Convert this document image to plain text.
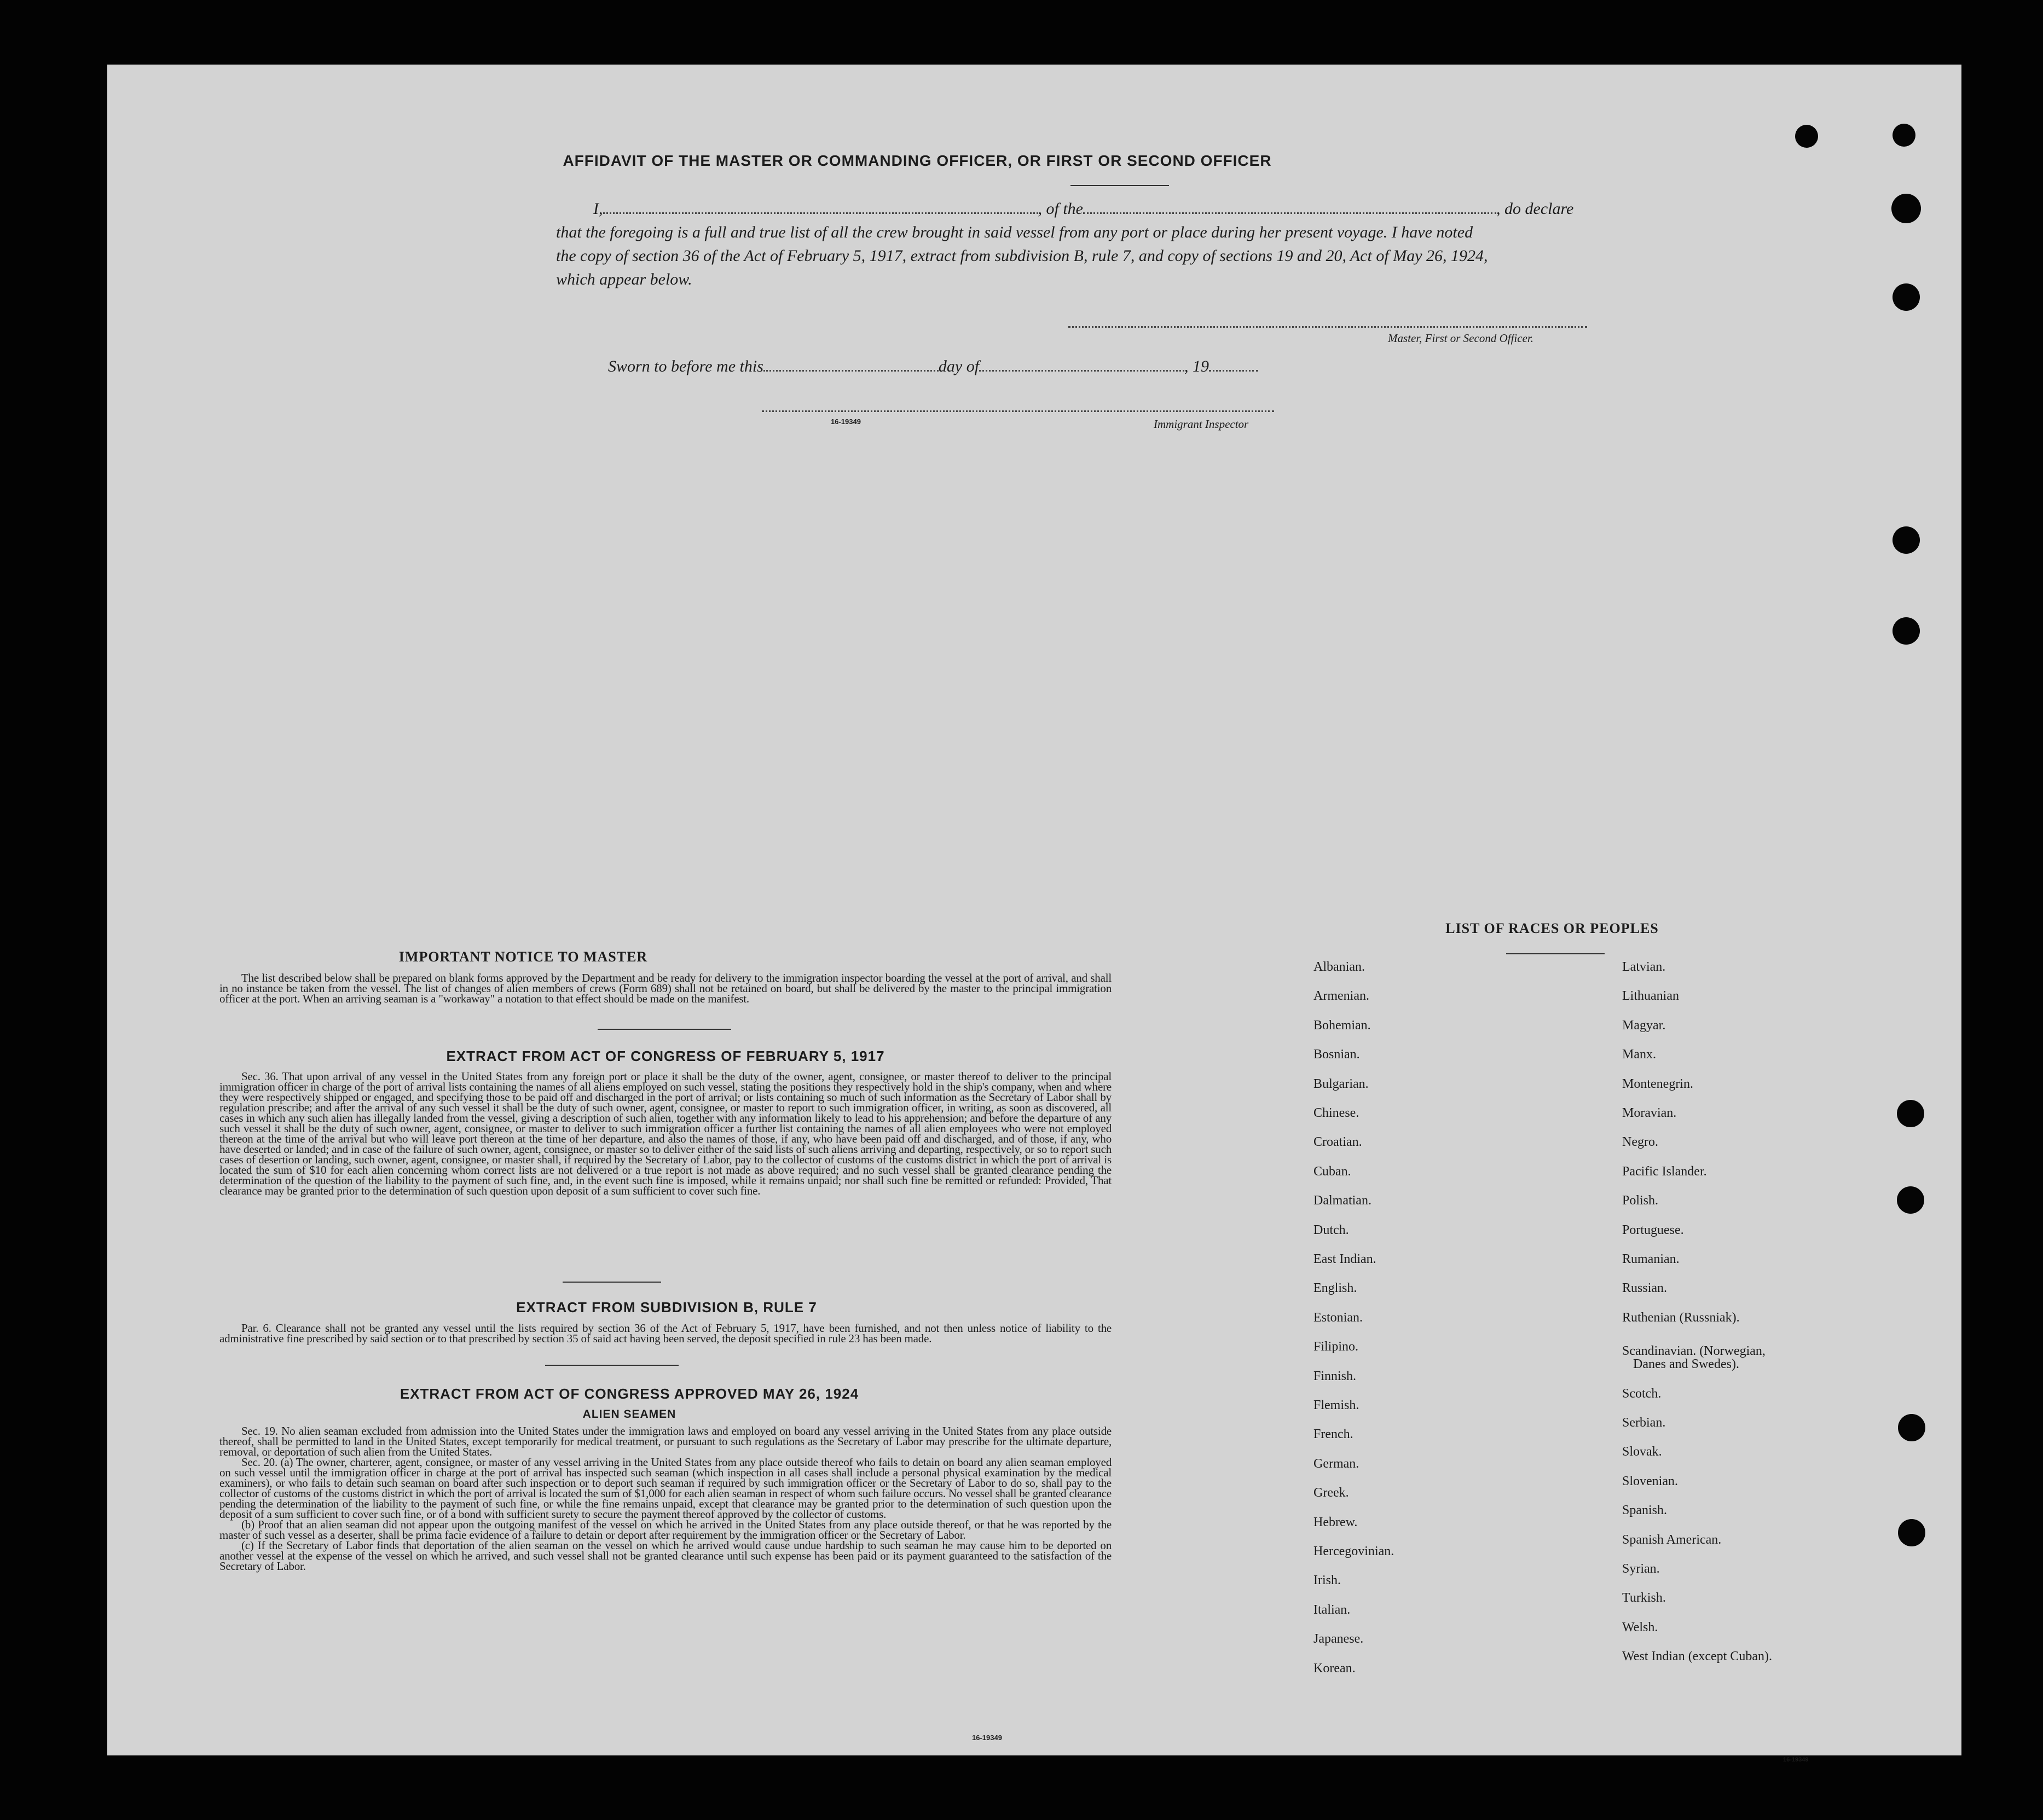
AFFIDAVIT OF THE MASTER OR COMMANDING OFFICER, OR FIRST OR SECOND OFFICER
I,	, of the	, do declare
that the foregoing is a full and true list of all the crew brought in said vessel from any port or place during her present voyage. I have noted
the copy of section 36 of the Act of February 5, 1917, extract from subdivision B, rule 7, and copy of sections 19 and 20, Act of May 26, 1924,
which appear below.
Master, First or Second Officer.
Sworn to before me this	day of	, 19
16-19349	Immigrant Inspector
IMPORTANT NOTICE TO MASTER

The list described below shall be prepared on blank forms approved by the Department and be ready for delivery to the immigration inspector boarding the vessel at the port of arrival, and shall in no instance be taken from the vessel. The list of changes of alien members of crews (Form 689) shall not be retained on board, but shall be delivered by the master to the principal immigration officer at the port. When an arriving seaman is a "workaway" a notation to that effect should be made on the manifest.

EXTRACT FROM ACT OF CONGRESS OF FEBRUARY 5, 1917

Sec. 36. That upon arrival of any vessel in the United States from any foreign port or place it shall be the duty of the owner, agent, consignee, or master thereof to deliver to the principal immigration officer in charge of the port of arrival lists containing the names of all aliens employed on such vessel, stating the positions they respectively hold in the ship's company, when and where they were respectively shipped or engaged, and specifying those to be paid off and discharged in the port of arrival; or lists containing so much of such information as the Secretary of Labor shall by regulation prescribe; and after the arrival of any such vessel it shall be the duty of such owner, agent, consignee, or master to report to such immigration officer, in writing, as soon as discovered, all cases in which any such alien has illegally landed from the vessel, giving a description of such alien, together with any information likely to lead to his apprehension; and before the departure of any such vessel it shall be the duty of such owner, agent, consignee, or master to deliver to such immigration officer a further list containing the names of all alien employees who were not employed thereon at the time of the arrival but who will leave port thereon at the time of her departure, and also the names of those, if any, who have been paid off and discharged, and of those, if any, who have deserted or landed; and in case of the failure of such owner, agent, consignee, or master so to deliver either of the said lists of such aliens arriving and departing, respectively, or so to report such cases of desertion or landing, such owner, agent, consignee, or master shall, if required by the Secretary of Labor, pay to the collector of customs of the customs district in which the port of arrival is located the sum of $10 for each alien concerning whom correct lists are not delivered or a true report is not made as above required; and no such vessel shall be granted clearance pending the determination of the question of the liability to the payment of such fine, and, in the event such fine is imposed, while it remains unpaid; nor shall such fine be remitted or refunded: Provided, That clearance may be granted prior to the determination of such question upon deposit of a sum sufficient to cover such fine.

EXTRACT FROM SUBDIVISION B, RULE 7

Par. 6. Clearance shall not be granted any vessel until the lists required by section 36 of the Act of February 5, 1917, have been furnished, and not then unless notice of liability to the administrative fine prescribed by said section or to that prescribed by section 35 of said act having been served, the deposit specified in rule 23 has been made.

EXTRACT FROM ACT OF CONGRESS APPROVED MAY 26, 1924
ALIEN SEAMEN

Sec. 19. No alien seaman excluded from admission into the United States under the immigration laws and employed on board any vessel arriving in the United States from any place outside thereof, shall be permitted to land in the United States, except temporarily for medical treatment, or pursuant to such regulations as the Secretary of Labor may prescribe for the ultimate departure, removal, or deportation of such alien from the United States.

Sec. 20. (a) The owner, charterer, agent, consignee, or master of any vessel arriving in the United States from any place outside thereof who fails to detain on board any alien seaman employed on such vessel until the immigration officer in charge at the port of arrival has inspected such seaman (which inspection in all cases shall include a personal physical examination by the medical examiners), or who fails to detain such seaman on board after such inspection or to deport such seaman if required by such immigration officer or the Secretary of Labor to do so, shall pay to the collector of customs of the customs district in which the port of arrival is located the sum of $1,000 for each alien seaman in respect of whom such failure occurs. No vessel shall be granted clearance pending the determination of the liability to the payment of such fine, or while the fine remains unpaid, except that clearance may be granted prior to the determination of such question upon the deposit of a sum sufficient to cover such fine, or of a bond with sufficient surety to secure the payment thereof approved by the collector of customs.

(b) Proof that an alien seaman did not appear upon the outgoing manifest of the vessel on which he arrived in the United States from any place outside thereof, or that he was reported by the master of such vessel as a deserter, shall be prima facie evidence of a failure to detain or deport after requirement by the immigration officer or the Secretary of Labor.

(c) If the Secretary of Labor finds that deportation of the alien seaman on the vessel on which he arrived would cause undue hardship to such seaman he may cause him to be deported on another vessel at the expense of the vessel on which he arrived, and such vessel shall not be granted clearance until such expense has been paid or its payment guaranteed to the satisfaction of the Secretary of Labor.

16-19349
LIST OF RACES OR PEOPLES
Albanian.
Armenian.
Bohemian.
Bosnian.
Bulgarian.
Chinese.
Croatian.
Cuban.
Dalmatian.
Dutch.
East Indian.
English.
Estonian.
Filipino.
Finnish.
Flemish.
French.
German.
Greek.
Hebrew.
Hercegovinian.
Irish.
Italian.
Japanese.
Korean.
Latvian.
Lithuanian
Magyar.
Manx.
Montenegrin.
Moravian.
Negro.
Pacific Islander.
Polish.
Portuguese.
Rumanian.
Russian.
Ruthenian (Russniak).
Scandinavian. (Norwegian,
Danes and Swedes).
Scotch.
Serbian.
Slovak.
Slovenian.
Spanish.
Spanish American.
Syrian.
Turkish.
Welsh.
West Indian (except Cuban).
16-19349
